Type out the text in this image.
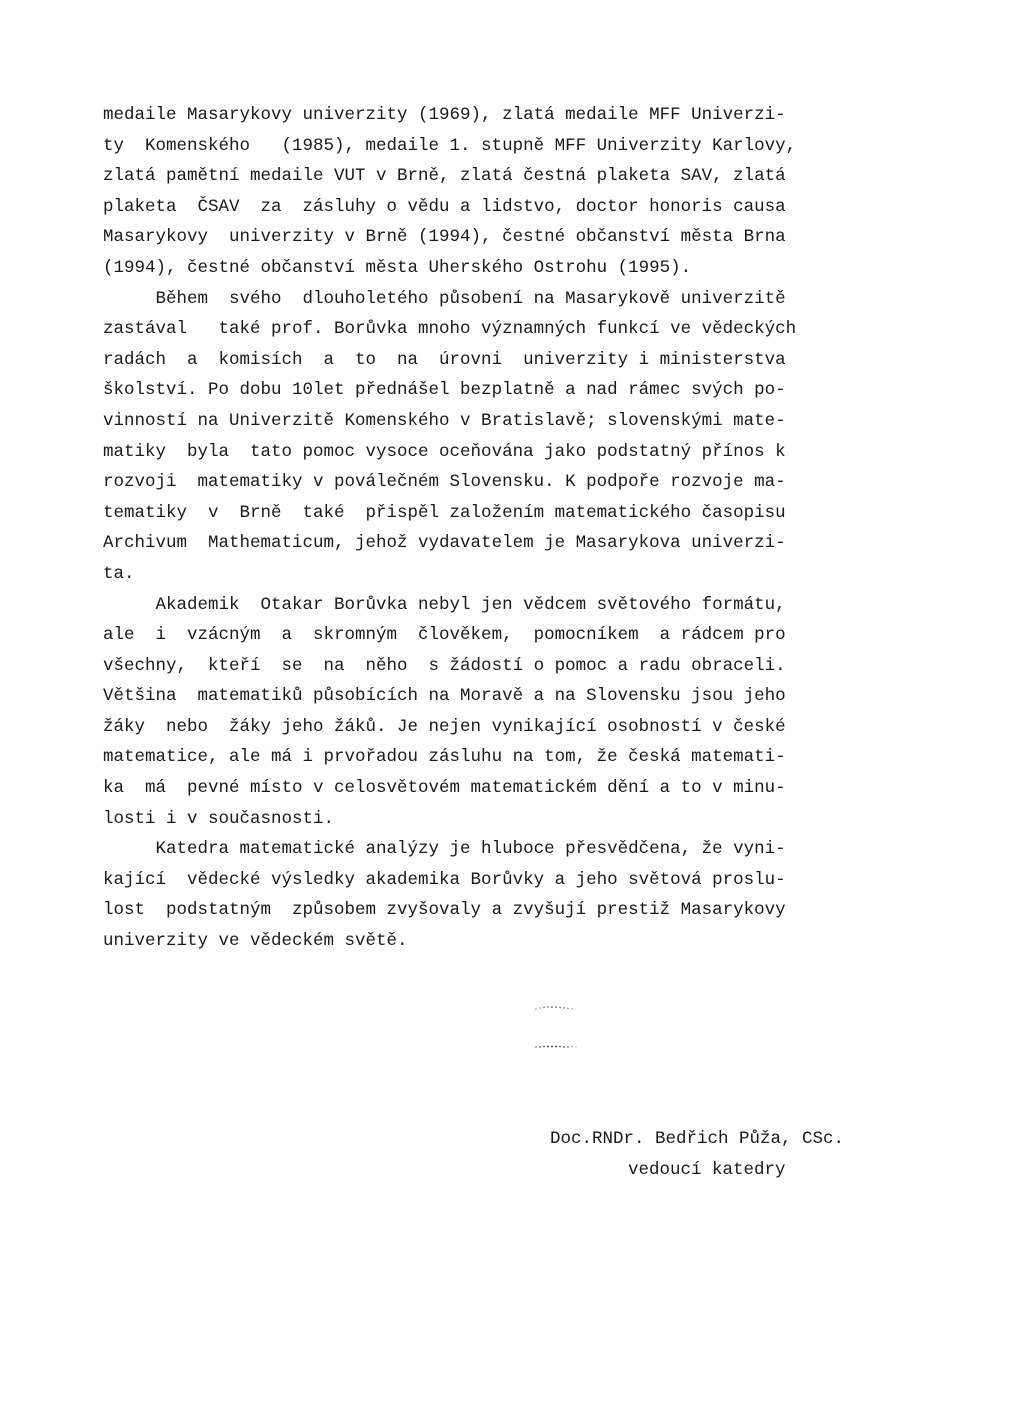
medaile Masarykovy univerzity (1969), zlatá medaile MFF Univerzi-
ty  Komenského   (1985), medaile 1. stupně MFF Univerzity Karlovy,
zlatá pamětní medaile VUT v Brně, zlatá čestná plaketa SAV, zlatá
plaketa  ČSAV  za  zásluhy o vědu a lidstvo, doctor honoris causa
Masarykovy  univerzity v Brně (1994), čestné občanství města Brna
(1994), čestné občanství města Uherského Ostrohu (1995).
Během  svého  dlouholetého působení na Masarykově univerzitě
zastával   také prof. Borůvka mnoho významných funkcí ve vědeckých
radách  a  komisích  a  to  na  úrovni  univerzity i ministerstva
školství. Po dobu 10let přednášel bezplatně a nad rámec svých po-
vinností na Univerzitě Komenského v Bratislavě; slovenskými mate-
matiky  byla  tato pomoc vysoce oceňována jako podstatný přínos k
rozvoji  matematiky v poválečném Slovensku. K podpoře rozvoje ma-
tematiky  v  Brně  také  přispěl založením matematického časopisu
Archivum  Mathematicum, jehož vydavatelem je Masarykova univerzi-
ta.
Akademik  Otakar Borůvka nebyl jen vědcem světového formátu,
ale  i  vzácným  a  skromným  člověkem,  pomocníkem  a rádcem pro
všechny,  kteří  se  na  něho  s žádostí o pomoc a radu obraceli.
Většina  matematiků působících na Moravě a na Slovensku jsou jeho
žáky  nebo  žáky jeho žáků. Je nejen vynikající osobností v české
matematice, ale má i prvořadou zásluhu na tom, že česká matemati-
ka  má  pevné místo v celosvětovém matematickém dění a to v minu-
losti i v současnosti.
Katedra matematické analýzy je hluboce přesvědčena, že vyni-
kající  vědecké výsledky akademika Borůvky a jeho světová proslu-
lost  podstatným  způsobem zvyšovaly a zvyšují prestiž Masarykovy
univerzity ve vědeckém světě.
Doc.RNDr. Bedřich Půža, CSc.
vedoucí katedry
